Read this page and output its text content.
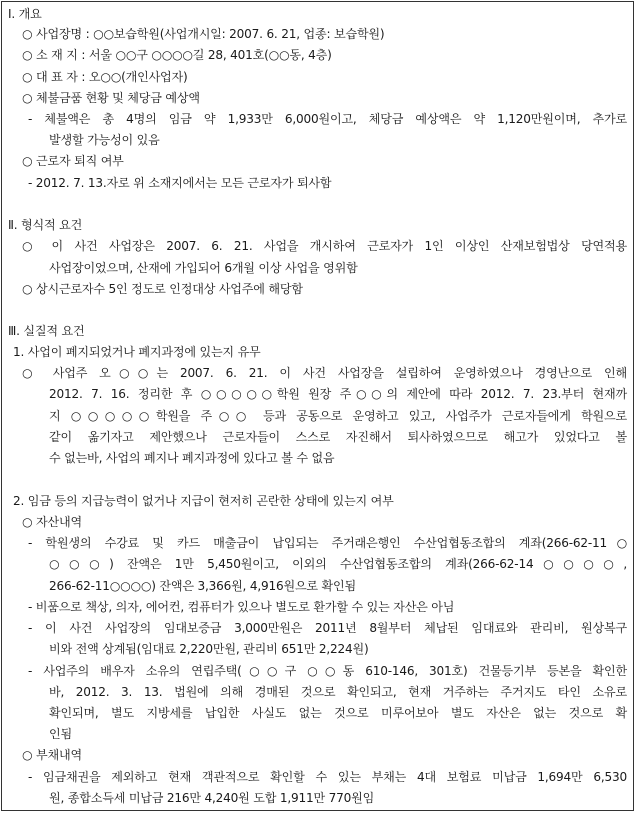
Ⅰ. 개요
○ 사업장명 : ○○보습학원(사업개시일: 2007. 6. 21, 업종: 보습학원)
○ 소 재 지 : 서울 ○○구 ○○○○길 28, 401호(○○동, 4층)
○ 대 표 자 : 오○○(개인사업자)
○ 체불금품 현황 및 체당금 예상액
- 체불액은 총 4명의 임금 약 1,933만 6,000원이고, 체당금 예상액은 약 1,120만원이며, 추가로
발생할 가능성이 있음
○ 근로자 퇴직 여부
- 2012. 7. 13.자로 위 소재지에서는 모든 근로자가 퇴사함
Ⅱ. 형식적 요건
○ 이 사건 사업장은 2007. 6. 21. 사업을 개시하여 근로자가 1인 이상인 산재보험법상 당연적용
사업장이었으며, 산재에 가입되어 6개월 이상 사업을 영위함
○ 상시근로자수 5인 정도로 인정대상 사업주에 해당함
Ⅲ. 실질적 요건
1. 사업이 폐지되었거나 폐지과정에 있는지 유무
○ 사업주 오○○는 2007. 6. 21. 이 사건 사업장을 설립하여 운영하였으나 경영난으로 인해
2012. 7. 16. 정리한 후 ○○○○○학원 원장 주○○의 제안에 따라 2012. 7. 23.부터 현재까
지 ○○○○○학원을 주○○ 등과 공동으로 운영하고 있고, 사업주가 근로자들에게 학원으로
같이 옮기자고 제안했으나 근로자들이 스스로 자진해서 퇴사하였으므로 해고가 있었다고 볼
수 없는바, 사업의 폐지나 폐지과정에 있다고 볼 수 없음
2. 임금 등의 지급능력이 없거나 지급이 현저히 곤란한 상태에 있는지 여부
○ 자산내역
- 학원생의 수강료 및 카드 매출금이 납입되는 주거래은행인 수산업협동조합의 계좌(266-62-11○
○○○) 잔액은 1만 5,450원이고, 이외의 수산업협동조합의 계좌(266-62-14○○○○,
266-62-11○○○○) 잔액은 3,366원, 4,916원으로 확인됨
- 비품으로 책상, 의자, 에어컨, 컴퓨터가 있으나 별도로 환가할 수 있는 자산은 아님
- 이 사건 사업장의 임대보증금 3,000만원은 2011년 8월부터 체납된 임대료와 관리비, 원상복구
비와 전액 상계됨(임대료 2,220만원, 관리비 651만 2,224원)
- 사업주의 배우자 소유의 연립주택(○○구 ○○동 610-146, 301호) 건물등기부 등본을 확인한
바, 2012. 3. 13. 법원에 의해 경매된 것으로 확인되고, 현재 거주하는 주거지도 타인 소유로
확인되며, 별도 지방세를 납입한 사실도 없는 것으로 미루어보아 별도 자산은 없는 것으로 확
인됨
○ 부채내역
- 임금채권을 제외하고 현재 객관적으로 확인할 수 있는 부채는 4대 보험료 미납금 1,694만 6,530
원, 종합소득세 미납금 216만 4,240원 도합 1,911만 770원임
